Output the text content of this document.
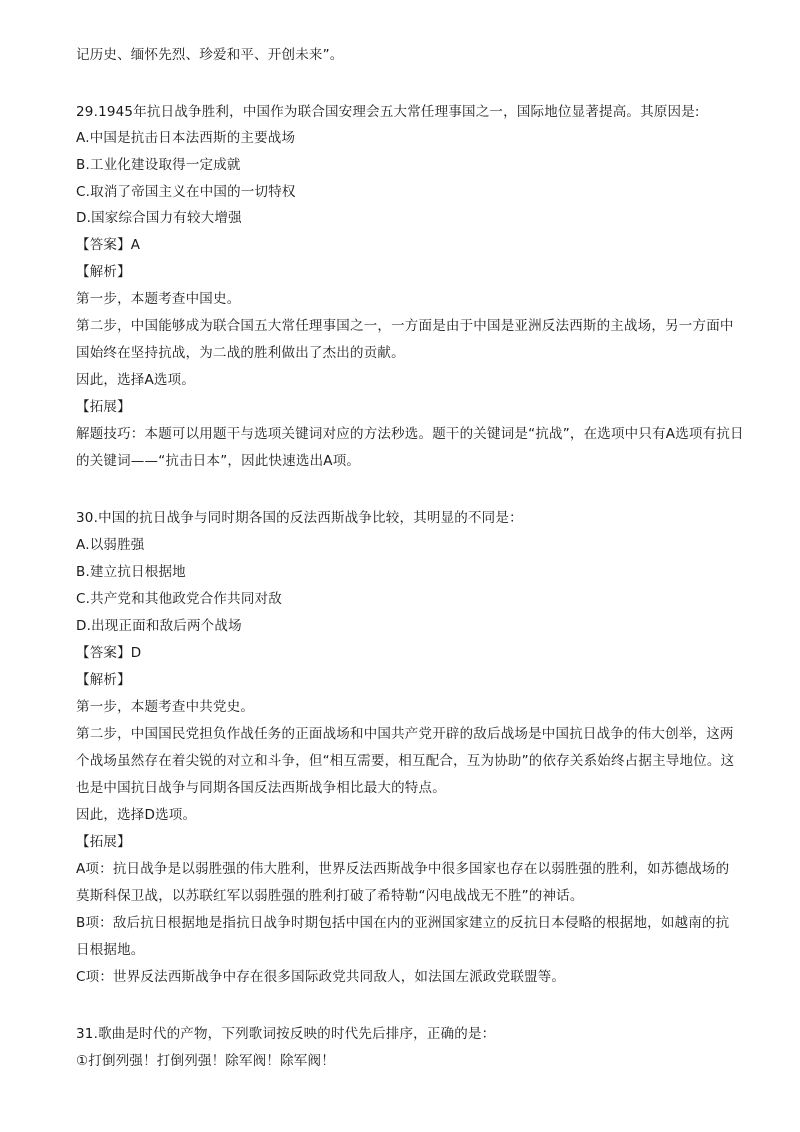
记历史、缅怀先烈、珍爱和平、开创未来”。
29.1945年抗日战争胜利，中国作为联合国安理会五大常任理事国之一，国际地位显著提高。其原因是:
A.中国是抗击日本法西斯的主要战场
B.工业化建设取得一定成就
C.取消了帝国主义在中国的一切特权
D.国家综合国力有较大增强
【答案】A
【解析】
第一步，本题考查中国史。
第二步，中国能够成为联合国五大常任理事国之一，一方面是由于中国是亚洲反法西斯的主战场，另一方面中
国始终在坚持抗战，为二战的胜利做出了杰出的贡献。
因此，选择A选项。
【拓展】
解题技巧：本题可以用题干与选项关键词对应的方法秒选。题干的关键词是“抗战”，在选项中只有A选项有抗日
的关键词——“抗击日本”，因此快速选出A项。
30.中国的抗日战争与同时期各国的反法西斯战争比较，其明显的不同是：
A.以弱胜强
B.建立抗日根据地
C.共产党和其他政党合作共同对敌
D.出现正面和敌后两个战场
【答案】D
【解析】
第一步，本题考查中共党史。
第二步，中国国民党担负作战任务的正面战场和中国共产党开辟的敌后战场是中国抗日战争的伟大创举，这两
个战场虽然存在着尖锐的对立和斗争，但“相互需要，相互配合，互为协助”的依存关系始终占据主导地位。这
也是中国抗日战争与同期各国反法西斯战争相比最大的特点。
因此，选择D选项。
【拓展】
A项：抗日战争是以弱胜强的伟大胜利，世界反法西斯战争中很多国家也存在以弱胜强的胜利，如苏德战场的
莫斯科保卫战，以苏联红军以弱胜强的胜利打破了希特勒“闪电战战无不胜”的神话。
B项：敌后抗日根据地是指抗日战争时期包括中国在内的亚洲国家建立的反抗日本侵略的根据地，如越南的抗
日根据地。
C项：世界反法西斯战争中存在很多国际政党共同敌人，如法国左派政党联盟等。
31.歌曲是时代的产物，下列歌词按反映的时代先后排序，正确的是：
①打倒列强！打倒列强！除军阀！除军阀！
